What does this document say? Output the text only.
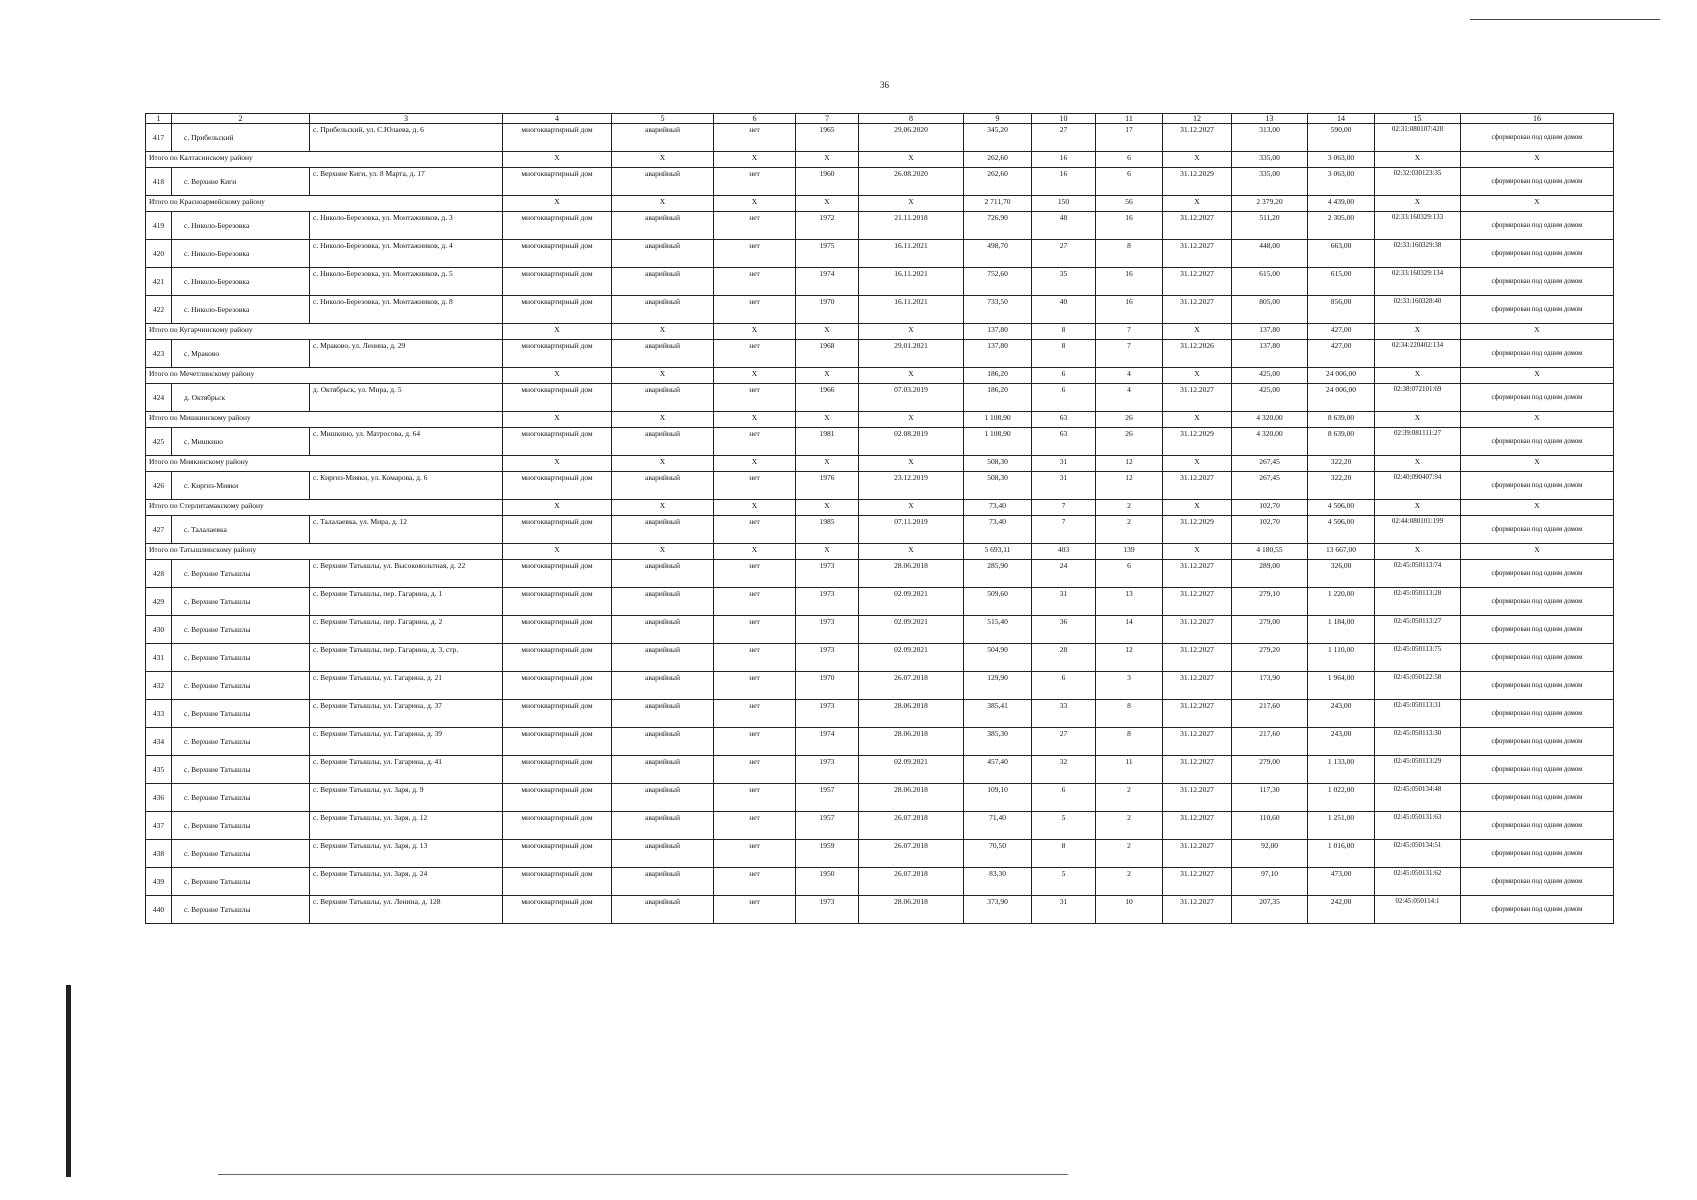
36
1	2	3	4	5	6	7	8	9	10	11	12	13	14	15	16
417	с. Прибельский	с. Прибельский, ул. С.Юлаева, д. 6	многоквартирный дом	аварийный	нет	1965	29.06.2020	345,20	27	17	31.12.2027	313,00	590,00	02:31:080107:428	сформирован под одним домом
Итого по Калтасинскому району			X	X	X	X	X	262,60	16	6	X	335,00	3 063,00	X	X
418	с. Верхние Киги	с. Верхние Киги, ул. 8 Марта, д. 17	многоквартирный дом	аварийный	нет	1960	26.08.2020	262,60	16	6	31.12.2029	335,00	3 063,00	02:32:030123:35	сформирован под одним домом
Итого по Красноармейскому району			X	X	X	X	X	2 711,70	150	56	X	2 379,20	4 439,00	X	X
419	с. Николо-Березовка	с. Николо-Березовка, ул. Монтажников, д. 3	многоквартирный дом	аварийный	нет	1972	21.11.2018	726,90	48	16	31.12.2027	511,20	2 305,00	02:33:160329:133	сформирован под одним домом
420	с. Николо-Березовка	с. Николо-Березовка, ул. Монтажников, д. 4	многоквартирный дом	аварийный	нет	1975	16.11.2021	498,70	27	8	31.12.2027	448,00	663,00	02:33:160329:38	сформирован под одним домом
421	с. Николо-Березовка	с. Николо-Березовка, ул. Монтажников, д. 5	многоквартирный дом	аварийный	нет	1974	16.11.2021	752,60	35	16	31.12.2027	615,00	615,00	02:33:160329:134	сформирован под одним домом
422	с. Николо-Березовка	с. Николо-Березовка, ул. Монтажников, д. 8	многоквартирный дом	аварийный	нет	1970	16.11.2021	733,50	40	16	31.12.2027	805,00	856,00	02:33:160328:40	сформирован под одним домом
Итого по Кугарчинскому району			X	X	X	X	X	137,80	8	7	X	137,80	427,00	X	X
423	с. Мраково	с. Мраково, ул. Ленина, д. 29	многоквартирный дом	аварийный	нет	1968	29.01.2021	137,80	8	7	31.12.2026	137,80	427,00	02:34:220402:134	сформирован под одним домом
Итого по Мечетлинскому району			X	X	X	X	X	186,20	6	4	X	425,00	24 006,00	X	X
424	д. Октябрьск	д. Октябрьск, ул. Мира, д. 5	многоквартирный дом	аварийный	нет	1966	07.03.2019	186,20	6	4	31.12.2027	425,00	24 006,00	02:38:072101:69	сформирован под одним домом
Итого по Мишкинскому району			X	X	X	X	X	1 108,90	63	26	X	4 320,00	8 639,00	X	X
425	с. Мишкино	с. Мишкино, ул. Матросова, д. 64	многоквартирный дом	аварийный	нет	1981	02.08.2019	1 108,90	63	26	31.12.2029	4 320,00	8 639,00	02:39:081111:27	сформирован под одним домом
Итого по Миякинскому району			X	X	X	X	X	508,30	31	12	X	267,45	322,20	X	X
426	с. Киргиз-Мияки	с. Киргиз-Мияки, ул. Комарова, д. 6	многоквартирный дом	аварийный	нет	1976	23.12.2019	508,30	31	12	31.12.2027	267,45	322,20	02:40:090407:94	сформирован под одним домом
Итого по Стерлитамакскому району			X	X	X	X	X	73,40	7	2	X	102,70	4 506,00	X	X
427	с. Талалаевка	с. Талалаевка, ул. Мира, д. 12	многоквартирный дом	аварийный	нет	1985	07.11.2019	73,40	7	2	31.12.2029	102,70	4 506,00	02:44:080101:199	сформирован под одним домом
Итого по Татышлинскому району			X	X	X	X	X	5 693,11	403	139	X	4 180,55	13 667,00	X	X
428	с. Верхние Татышлы	с. Верхние Татышлы, ул. Высоковольтная, д. 22	многоквартирный дом	аварийный	нет	1973	28.06.2018	285,90	24	6	31.12.2027	289,00	326,00	02:45:050113:74	сформирован под одним домом
429	с. Верхние Татышлы	с. Верхние Татышлы, пер. Гагарина, д. 1	многоквартирный дом	аварийный	нет	1973	02.09.2021	509,60	31	13	31.12.2027	279,10	1 220,00	02:45:050113:28	сформирован под одним домом
430	с. Верхние Татышлы	с. Верхние Татышлы, пер. Гагарина, д. 2	многоквартирный дом	аварийный	нет	1973	02.09.2021	515,40	36	14	31.12.2027	279,00	1 184,00	02:45:050113:27	сформирован под одним домом
431	с. Верхние Татышлы	с. Верхние Татышлы, пер. Гагарина, д. 3, стр.	многоквартирный дом	аварийный	нет	1973	02.09.2021	504,90	28	12	31.12.2027	279,20	1 110,00	02:45:050113:75	сформирован под одним домом
432	с. Верхние Татышлы	с. Верхние Татышлы, ул. Гагарина, д. 21	многоквартирный дом	аварийный	нет	1970	26.07.2018	129,90	6	3	31.12.2027	173,90	1 964,00	02:45:050122:58	сформирован под одним домом
433	с. Верхние Татышлы	с. Верхние Татышлы, ул. Гагарина, д. 37	многоквартирный дом	аварийный	нет	1973	28.06.2018	385,41	33	8	31.12.2027	217,60	243,00	02:45:050113:31	сформирован под одним домом
434	с. Верхние Татышлы	с. Верхние Татышлы, ул. Гагарина, д. 39	многоквартирный дом	аварийный	нет	1974	28.06.2018	385,30	27	8	31.12.2027	217,60	243,00	02:45:050113:30	сформирован под одним домом
435	с. Верхние Татышлы	с. Верхние Татышлы, ул. Гагарина, д. 41	многоквартирный дом	аварийный	нет	1973	02.09.2021	457,40	32	11	31.12.2027	279,00	1 133,00	02:45:050113:29	сформирован под одним домом
436	с. Верхние Татышлы	с. Верхние Татышлы, ул. Заря, д. 9	многоквартирный дом	аварийный	нет	1957	28.06.2018	109,10	6	2	31.12.2027	117,30	1 022,00	02:45:050134:48	сформирован под одним домом
437	с. Верхние Татышлы	с. Верхние Татышлы, ул. Заря, д. 12	многоквартирный дом	аварийный	нет	1957	26.07.2018	71,40	5	2	31.12.2027	110,60	1 251,00	02:45:050131:63	сформирован под одним домом
438	с. Верхние Татышлы	с. Верхние Татышлы, ул. Заря, д. 13	многоквартирный дом	аварийный	нет	1959	26.07.2018	70,50	8	2	31.12.2027	92,00	1 016,00	02:45:050134:51	сформирован под одним домом
439	с. Верхние Татышлы	с. Верхние Татышлы, ул. Заря, д. 24	многоквартирный дом	аварийный	нет	1950	26.07.2018	83,30	5	2	31.12.2027	97,10	473,00	02:45:050131:62	сформирован под одним домом
440	с. Верхние Татышлы	с. Верхние Татышлы, ул. Ленина, д. 128	многоквартирный дом	аварийный	нет	1973	28.06.2018	373,90	31	10	31.12.2027	207,35	242,00	02:45:050114:1	сформирован под одним домом
